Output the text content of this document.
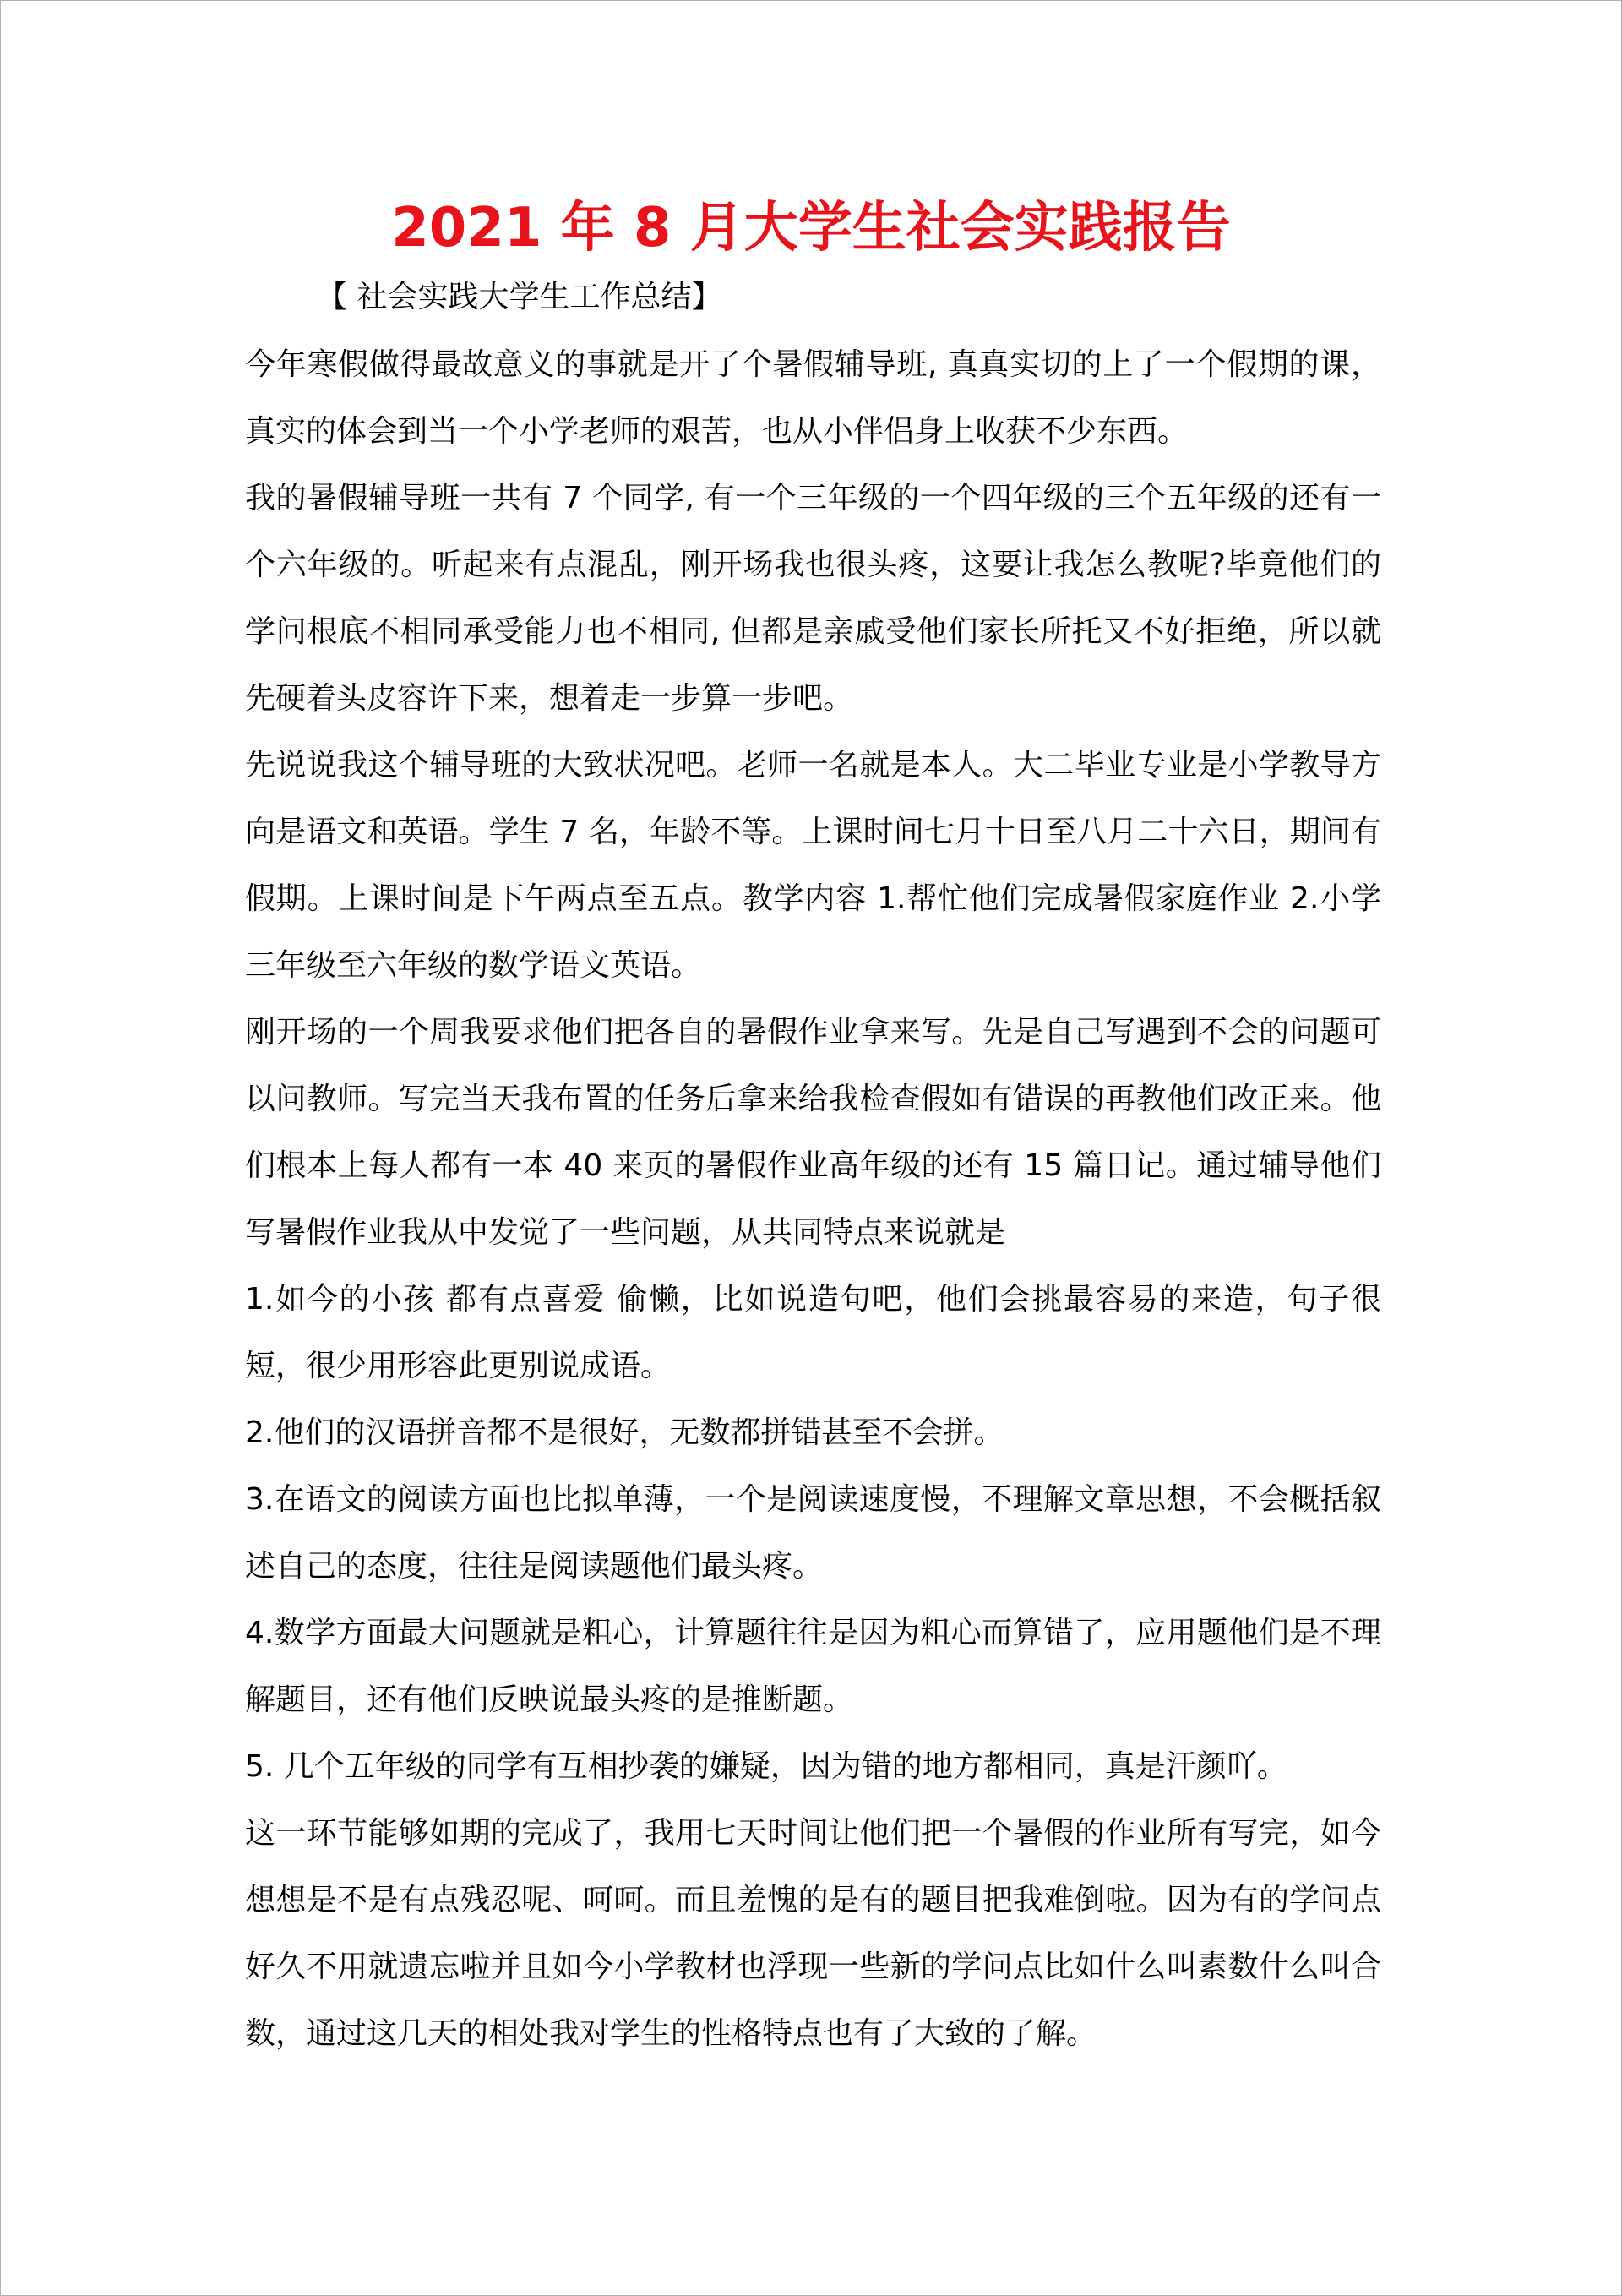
2021 年 8 月大学生社会实践报告
【 社会实践大学生工作总结】

今年寒假做得最故意义的事就是开了个暑假辅导班, 真真实切的上了一个假期的课，真实的体会到当一个小学老师的艰苦，也从小伴侣身上收获不少东西。

我的暑假辅导班一共有 7 个同学, 有一个三年级的一个四年级的三个五年级的还有一个六年级的。听起来有点混乱，刚开场我也很头疼，这要让我怎么教呢?毕竟他们的学问根底不相同承受能力也不相同, 但都是亲戚受他们家长所托又不好拒绝，所以就先硬着头皮容许下来，想着走一步算一步吧。

先说说我这个辅导班的大致状况吧。老师一名就是本人。大二毕业专业是小学教导方向是语文和英语。学生 7 名，年龄不等。上课时间七月十日至八月二十六日，期间有假期。上课时间是下午两点至五点。教学内容 1.帮忙他们完成暑假家庭作业 2.小学三年级至六年级的数学语文英语。

刚开场的一个周我要求他们把各自的暑假作业拿来写。先是自己写遇到不会的问题可以问教师。写完当天我布置的任务后拿来给我检查假如有错误的再教他们改正来。他们根本上每人都有一本 40 来页的暑假作业高年级的还有 15 篇日记。通过辅导他们写暑假作业我从中发觉了一些问题，从共同特点来说就是

1.如今的小孩 都有点喜爱 偷懒，比如说造句吧，他们会挑最容易的来造，句子很短，很少用形容此更别说成语。

2.他们的汉语拼音都不是很好，无数都拼错甚至不会拼。

3.在语文的阅读方面也比拟单薄，一个是阅读速度慢，不理解文章思想，不会概括叙述自己的态度，往往是阅读题他们最头疼。

4.数学方面最大问题就是粗心，计算题往往是因为粗心而算错了，应用题他们是不理解题目，还有他们反映说最头疼的是推断题。

5. 几个五年级的同学有互相抄袭的嫌疑，因为错的地方都相同，真是汗颜吖。

这一环节能够如期的完成了，我用七天时间让他们把一个暑假的作业所有写完，如今想想是不是有点残忍呢、呵呵。而且羞愧的是有的题目把我难倒啦。因为有的学问点好久不用就遗忘啦并且如今小学教材也浮现一些新的学问点比如什么叫素数什么叫合数，通过这几天的相处我对学生的性格特点也有了大致的了解。
